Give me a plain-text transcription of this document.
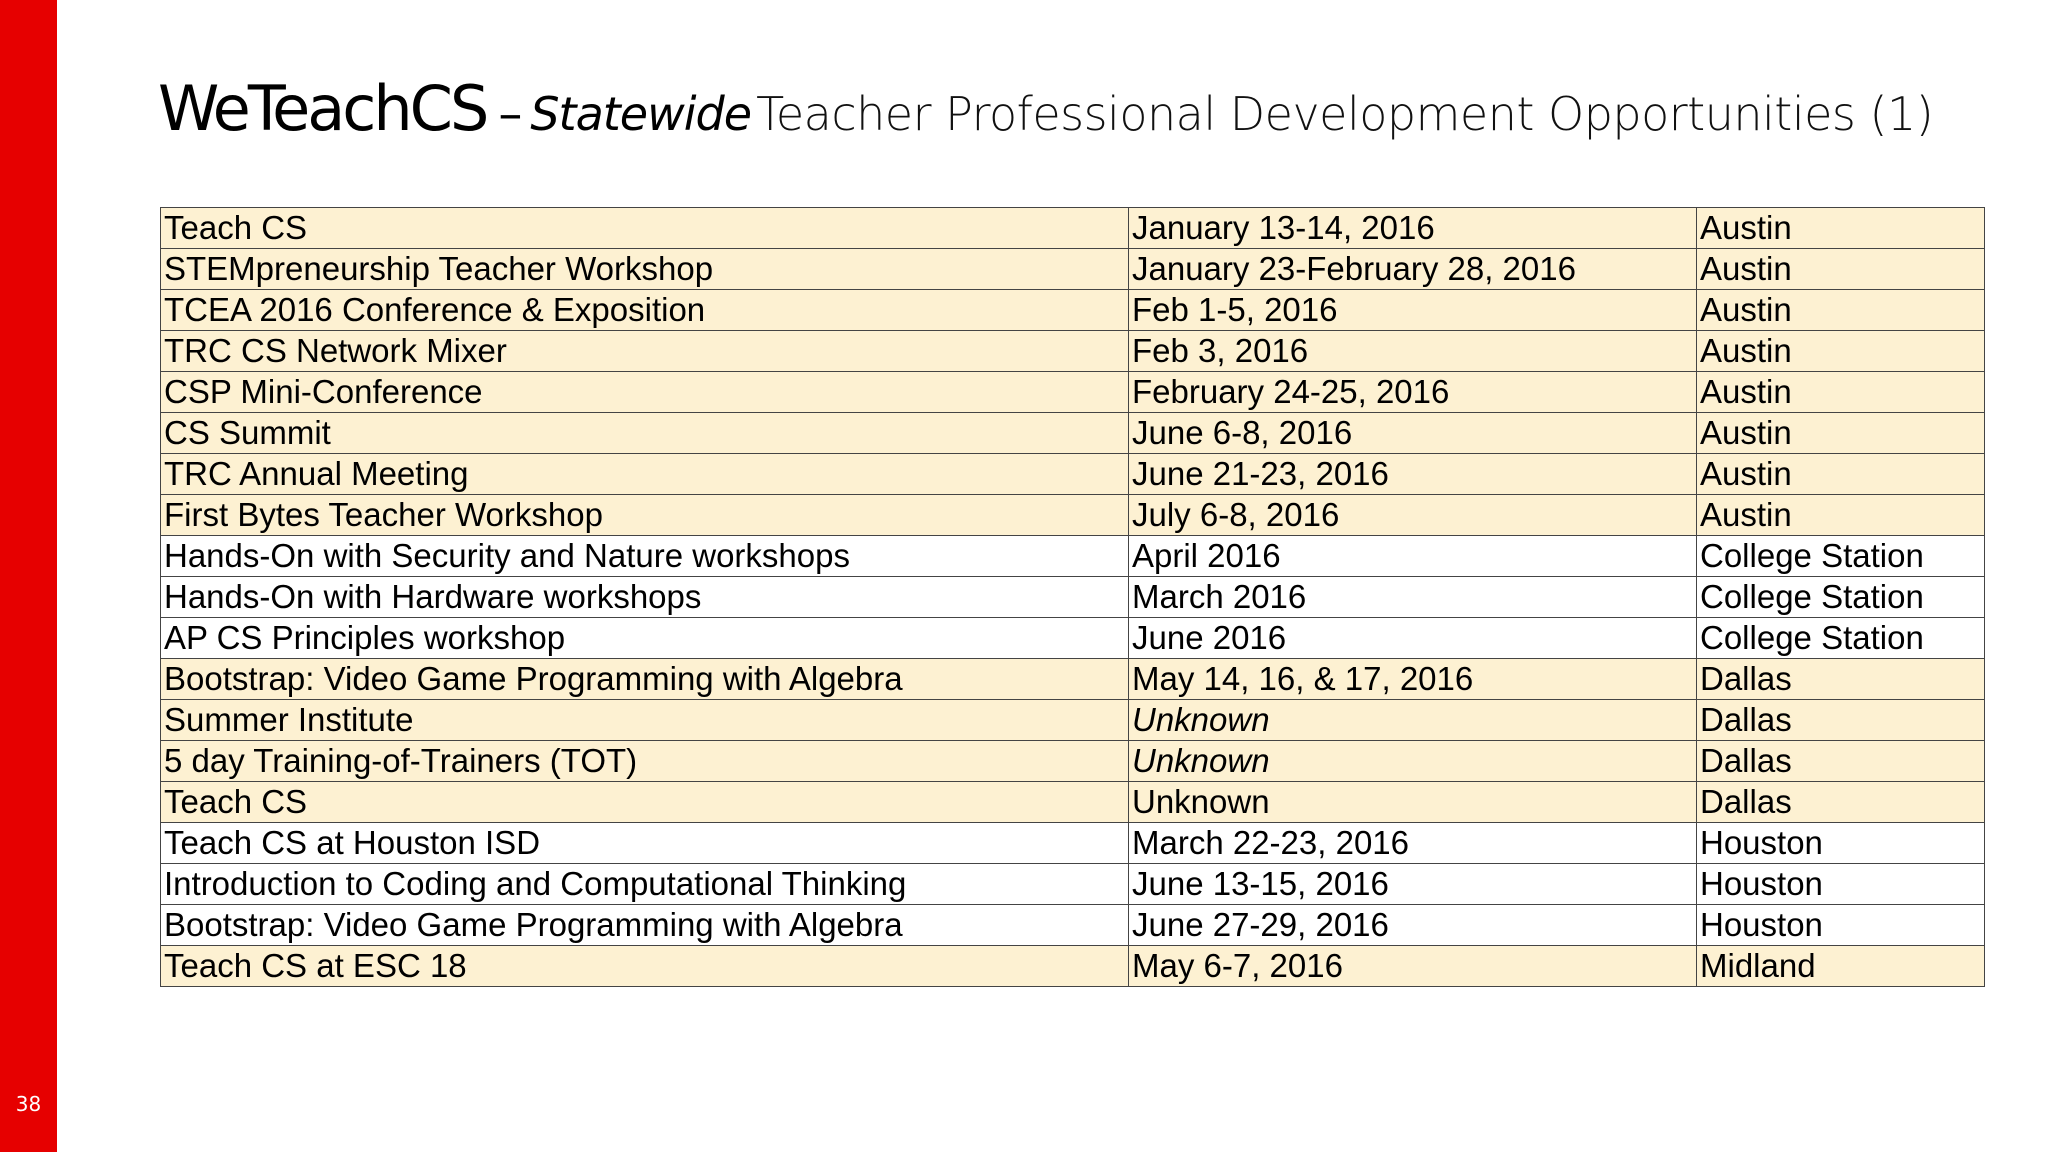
38
WeTeachCS – Statewide Teacher Professional Development Opportunities (1)
Teach CS	January 13-14, 2016	Austin
STEMpreneurship Teacher Workshop	January 23-February 28, 2016	Austin
TCEA 2016 Conference & Exposition	Feb 1-5, 2016	Austin
TRC CS Network Mixer	Feb 3, 2016	Austin
CSP Mini-Conference	February 24-25, 2016	Austin
CS Summit	June 6-8, 2016	Austin
TRC Annual Meeting	June 21-23, 2016	Austin
First Bytes Teacher Workshop	July 6-8, 2016	Austin
Hands-On with Security and Nature workshops	April 2016	College Station
Hands-On with Hardware workshops	March 2016	College Station
AP CS Principles workshop	June 2016	College Station
Bootstrap: Video Game Programming with Algebra	May 14, 16, & 17, 2016	Dallas
Summer Institute	Unknown	Dallas
5 day Training-of-Trainers (TOT)	Unknown	Dallas
Teach CS	Unknown	Dallas
Teach CS at Houston ISD	March 22-23, 2016	Houston
Introduction to Coding and Computational Thinking	June 13-15, 2016	Houston
Bootstrap: Video Game Programming with Algebra	June 27-29, 2016	Houston
Teach CS at ESC 18	May 6-7, 2016	Midland
